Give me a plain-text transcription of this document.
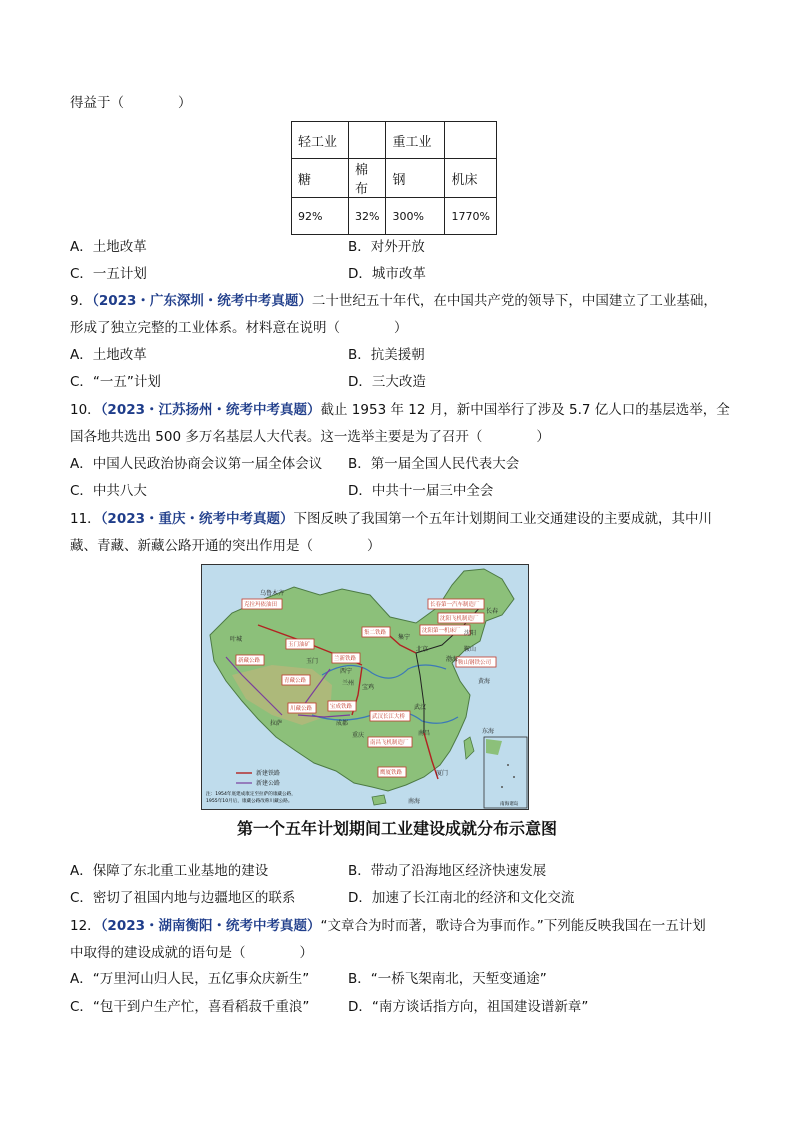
得益于（　　　　）
轻工业		重工业	
糖	棉布	钢	机床
92%	32%	300%	1770%
A．土地改革	B．对外开放
C．一五计划	D．城市改革
9．（2023・广东深圳・统考中考真题）二十世纪五十年代，在中国共产党的领导下，中国建立了工业基础，
形成了独立完整的工业体系。材料意在说明（　　　　）
A．土地改革	B．抗美援朝
C．“一五”计划	D．三大改造
10．（2023・江苏扬州・统考中考真题）截止 1953 年 12 月，新中国举行了涉及 5.7 亿人口的基层选举，全
国各地共选出 500 多万名基层人大代表。这一选举主要是为了召开（　　　　）
A．中国人民政治协商会议第一届全体会议 B．第一届全国人民代表大会
C．中共八大	D．中共十一届三中全会
11．（2023・重庆・统考中考真题）下图反映了我国第一个五年计划期间工业交通建设的主要成就，其中川
藏、青藏、新藏公路开通的突出作用是（　　　　）
克拉玛依油田
新藏公路
青藏公路
川藏公路
玉门油矿
宝成铁路
兰新铁路
集二铁路
武汉长江大桥
南昌飞机制造厂
鹰厦铁路
长春第一汽车制造厂
沈阳飞机制造厂
沈阳第一机床厂
鞍山钢铁公司
乌鲁木齐
叶城
拉萨
玉门
西宁
兰州
宝鸡
成都
重庆
武汉
南昌
厦门
北京
集宁
沈阳
长春
鞍山
黄海
东海
南海
渤海
新建铁路
新建公路
注：1954年底建成康定至拉萨的康藏公路，
1955年10月后，康藏公路改称川藏公路。
南海诸岛
第一个五年计划期间工业建设成就分布示意图
A．保障了东北重工业基地的建设	B．带动了沿海地区经济快速发展
C．密切了祖国内地与边疆地区的联系	D．加速了长江南北的经济和文化交流
12．（2023・湖南衡阳・统考中考真题）“文章合为时而著，歌诗合为事而作。”下列能反映我国在一五计划
中取得的建设成就的语句是（　　　　）
A．“万里河山归人民，五亿事众庆新生”	B．“一桥飞架南北，天堑变通途”
C．“包干到户生产忙，喜看稻菽千重浪”	D．“南方谈话指方向，祖国建设谱新章”
